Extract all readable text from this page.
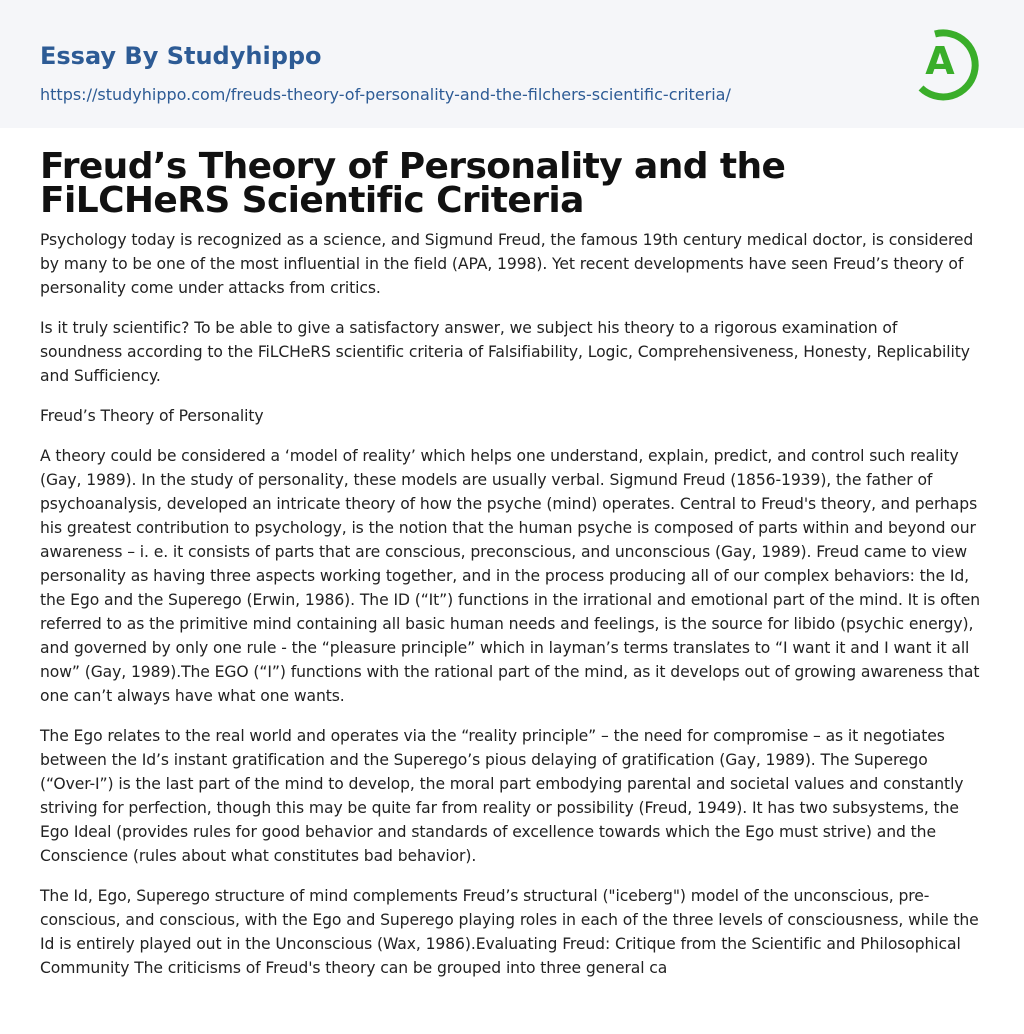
Essay By Studyhippo
https://studyhippo.com/freuds-theory-of-personality-and-the-filchers-scientific-criteria/
A
Freud’s Theory of Personality and the FiLCHeRS Scientific Criteria

Psychology today is recognized as a science, and Sigmund Freud, the famous 19th century medical doctor, is considered by many to be one of the most influential in the field (APA, 1998). Yet recent developments have seen Freud’s theory of personality come under attacks from critics.

Is it truly scientific? To be able to give a satisfactory answer, we subject his theory to a rigorous examination of soundness according to the FiLCHeRS scientific criteria of Falsifiability, Logic, Comprehensiveness, Honesty, Replicability and Sufficiency.

Freud’s Theory of Personality

A theory could be considered a ‘model of reality’ which helps one understand, explain, predict, and control such reality (Gay, 1989). In the study of personality, these models are usually verbal. Sigmund Freud (1856-1939), the father of psychoanalysis, developed an intricate theory of how the psyche (mind) operates. Central to Freud's theory, and perhaps his greatest contribution to psychology, is the notion that the human psyche is composed of parts within and beyond our awareness – i. e. it consists of parts that are conscious, preconscious, and unconscious (Gay, 1989). Freud came to view personality as having three aspects working together, and in the process producing all of our complex behaviors: the Id, the Ego and the Superego (Erwin, 1986). The ID (“It”) functions in the irrational and emotional part of the mind. It is often referred to as the primitive mind containing all basic human needs and feelings, is the source for libido (psychic energy), and governed by only one rule - the “pleasure principle” which in layman’s terms translates to “I want it and I want it all now” (Gay, 1989).The EGO (“I”) functions with the rational part of the mind, as it develops out of growing awareness that one can’t always have what one wants.

The Ego relates to the real world and operates via the “reality principle” – the need for compromise – as it negotiates between the Id’s instant gratification and the Superego’s pious delaying of gratification (Gay, 1989). The Superego (“Over-I”) is the last part of the mind to develop, the moral part embodying parental and societal values and constantly striving for perfection, though this may be quite far from reality or possibility (Freud, 1949). It has two subsystems, the Ego Ideal (provides rules for good behavior and standards of excellence towards which the Ego must strive) and the Conscience (rules about what constitutes bad behavior).

The Id, Ego, Superego structure of mind complements Freud’s structural ("iceberg") model of the unconscious, pre-conscious, and conscious, with the Ego and Superego playing roles in each of the three levels of consciousness, while the Id is entirely played out in the Unconscious (Wax, 1986).Evaluating Freud: Critique from the Scientific and Philosophical Community The criticisms of Freud's theory can be grouped into three general ca
